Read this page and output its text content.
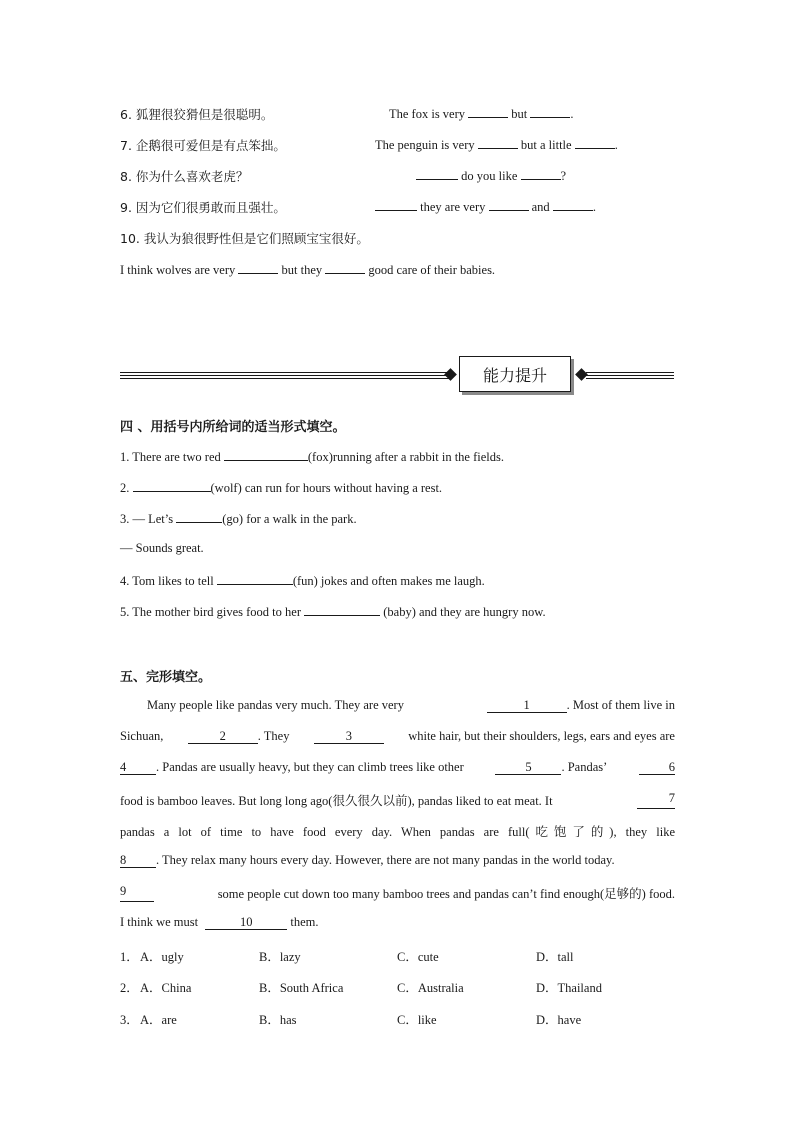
6. 狐狸很狡猾但是很聪明。	The fox is very	but	.
7. 企鹅很可爱但是有点笨拙。	The penguin is very	but a little	.
8. 你为什么喜欢老虎？	do you like	?
9. 因为它们很勇敢而且强壮。	they are very	and	.
10. 我认为狼很野性但是它们照顾宝宝很好。
I think wolves are very	but they	good care of their babies.
能力提升
四 、用括号内所给词的适当形式填空。
1. There are two red	(fox)running after a rabbit in the fields.
2.	(wolf) can run for hours without having a rest.
3. — Let’s	(go) for a walk in the park.
— Sounds great.
4. Tom likes to tell	(fun) jokes and often makes me laugh.
5. The mother bird gives food to her	(baby) and they are hungry now.
五、完形填空。
Many people like pandas very much. They are very	1	. Most of them live in
Sichuan,	2	. They	3	white hair, but their shoulders, legs, ears and eyes are
4 . Pandas are usually heavy, but they can climb trees like other	5 . Pandas’	6
food is bamboo leaves. But long long ago(很久很久以前), pandas liked to eat meat. It	7
pandas a lot of time to have food every day. When pandas are full(吃饱了的), they like
8 . They relax many hours every day. However, there are not many pandas in the world today.
9	some people cut down too many bamboo trees and pandas can’t find enough(足够的) food.
I think we must	10	them.
1． A．ugly	B．lazy	C．cute	D．tall
2． A．China	B．South Africa	C．Australia	D．Thailand
3． A．are	B．has	C．like	D．have
